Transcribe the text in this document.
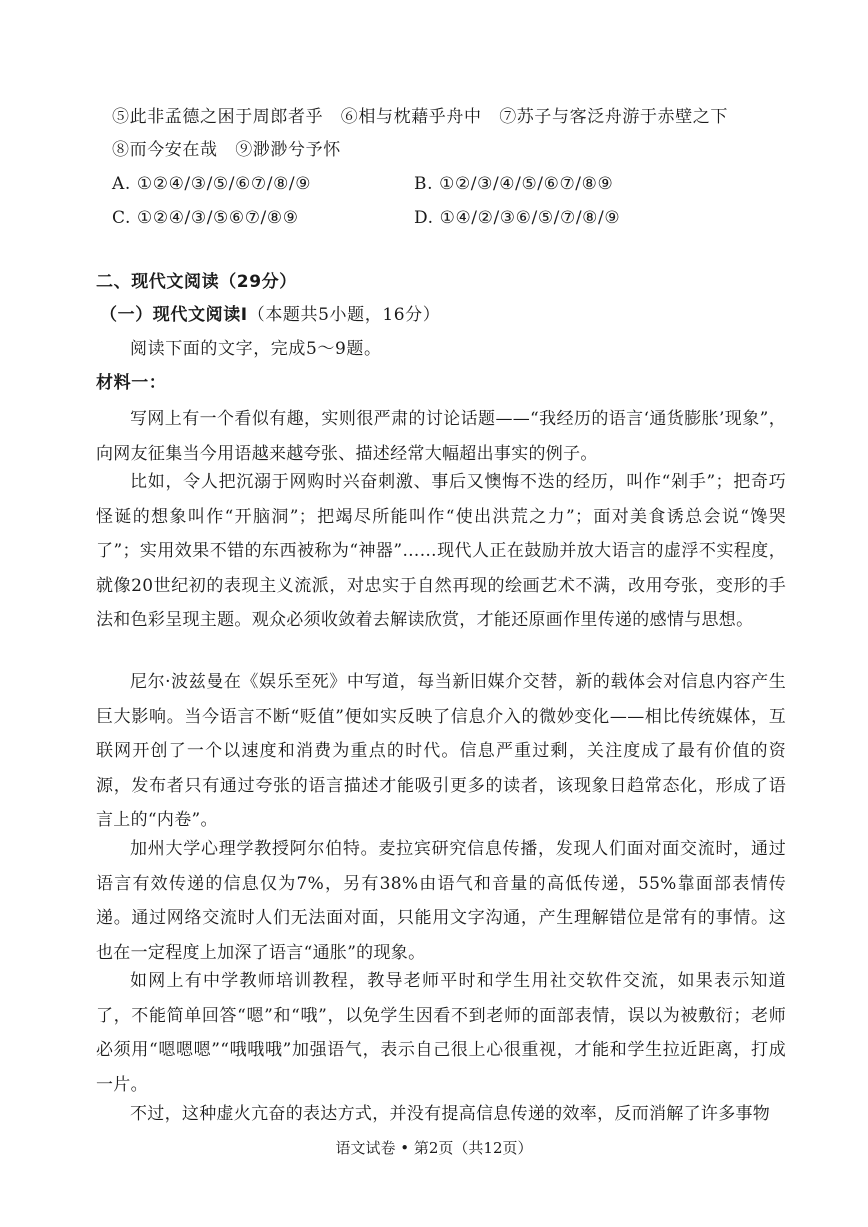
⑤此非孟德之困于周郎者乎　⑥相与枕藉乎舟中　⑦苏子与客泛舟游于赤壁之下
⑧而今安在哉　⑨渺渺兮予怀
A. ①②④/③/⑤/⑥⑦/⑧/⑨	B. ①②/③/④/⑤/⑥⑦/⑧⑨
C. ①②④/③/⑤⑥⑦/⑧⑨	D. ①④/②/③⑥/⑤/⑦/⑧/⑨
二、现代文阅读（29分）
（一）现代文阅读Ⅰ（本题共5小题，16分）
阅读下面的文字，完成5～9题。
材料一：
写网上有一个看似有趣，实则很严肃的讨论话题——“我经历的语言‘通货膨胀’现象”，向网友征集当今用语越来越夸张、描述经常大幅超出事实的例子。
比如，令人把沉溺于网购时兴奋刺激、事后又懊悔不迭的经历，叫作“剁手”；把奇巧怪诞的想象叫作“开脑洞”；把竭尽所能叫作“使出洪荒之力”；面对美食诱总会说“馋哭了”；实用效果不错的东西被称为“神器”……现代人正在鼓励并放大语言的虚浮不实程度，就像20世纪初的表现主义流派，对忠实于自然再现的绘画艺术不满，改用夸张，变形的手法和色彩呈现主题。观众必须收敛着去解读欣赏，才能还原画作里传递的感情与思想。
尼尔·波兹曼在《娱乐至死》中写道，每当新旧媒介交替，新的载体会对信息内容产生巨大影响。当今语言不断“贬值”便如实反映了信息介入的微妙变化——相比传统媒体，互联网开创了一个以速度和消费为重点的时代。信息严重过剩，关注度成了最有价值的资源，发布者只有通过夸张的语言描述才能吸引更多的读者，该现象日趋常态化，形成了语言上的“内卷”。
加州大学心理学教授阿尔伯特。麦拉宾研究信息传播，发现人们面对面交流时，通过语言有效传递的信息仅为7%，另有38%由语气和音量的高低传递，55%靠面部表情传递。通过网络交流时人们无法面对面，只能用文字沟通，产生理解错位是常有的事情。这也在一定程度上加深了语言“通胀”的现象。
如网上有中学教师培训教程，教导老师平时和学生用社交软件交流，如果表示知道了，不能简单回答“嗯”和“哦”，以免学生因看不到老师的面部表情，误以为被敷衍；老师必须用“嗯嗯嗯”“哦哦哦”加强语气，表示自己很上心很重视，才能和学生拉近距离，打成一片。
不过，这种虚火亢奋的表达方式，并没有提高信息传递的效率，反而消解了许多事物
语文试卷 • 第2页（共12页）
